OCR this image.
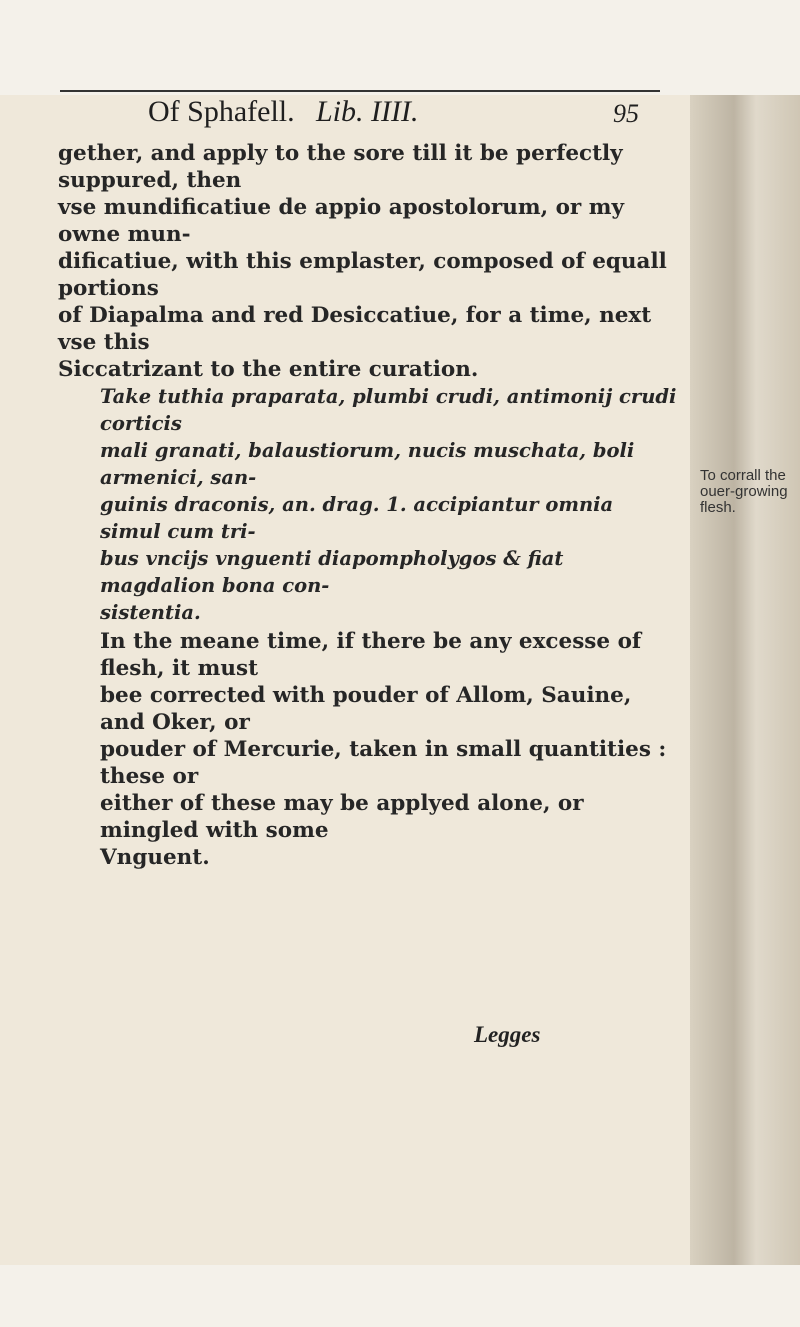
Of Sphafell. Lib. IIII.	95

gether, and apply to the sore till it be perfectly suppured, then
vse mundificatiue de appio apostolorum, or my owne mun-
dificatiue, with this emplaster, composed of equall portions
of Diapalma and red Desiccatiue, for a time, next vse this
Siccatrizant to the entire curation.

Take tuthia praparata, plumbi crudi, antimonij crudi corticis
mali granati, balaustiorum, nucis muschata, boli armenici, san-
guinis draconis, an. drag. 1. accipiantur omnia simul cum tri-
bus vncijs vnguenti diapompholygos & fiat magdalion bona con-
sistentia.

In the meane time, if there be any excesse of flesh, it must
bee corrected with pouder of Allom, Sauine, and Oker, or
pouder of Mercurie, taken in small quantities : these or
either of these may be applyed alone, or mingled with some
Vnguent.

To corrall the ouer-growing flesh.
Legges
